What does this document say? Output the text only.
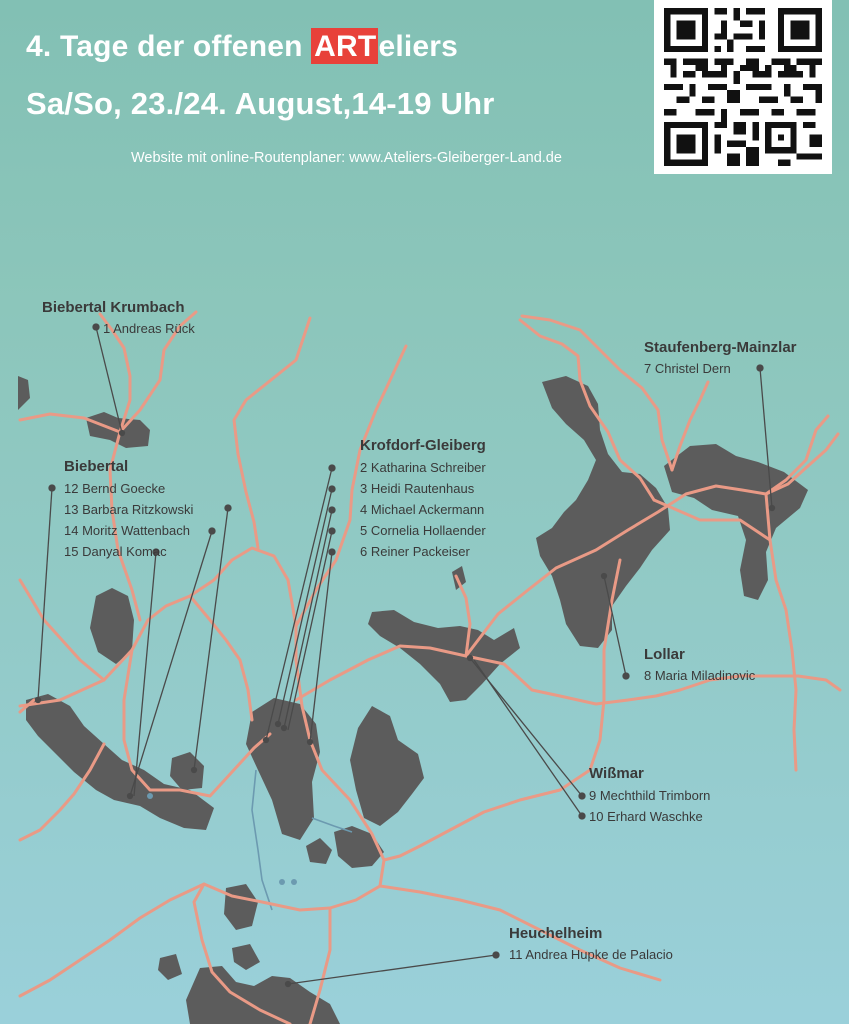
4. Tage der offenen ARTeliers
Sa/So, 23./24. August,14-19 Uhr
Website mit online-Routenplaner: www.Ateliers-Gleiberger-Land.de
Biebertal Krumbach
1 Andreas Rück
Biebertal
12 Bernd Goecke
13 Barbara Ritzkowski
14 Moritz Wattenbach
15 Danyal Komac
Krofdorf-Gleiberg
2 Katharina Schreiber
3 Heidi Rautenhaus
4 Michael Ackermann
5 Cornelia Hollaender
6 Reiner Packeiser
Staufenberg-Mainzlar
7 Christel Dern
Lollar
8 Maria Miladinovic
Wißmar
9 Mechthild Trimborn
10 Erhard Waschke
Heuchelheim
11 Andrea Hupke de Palacio
